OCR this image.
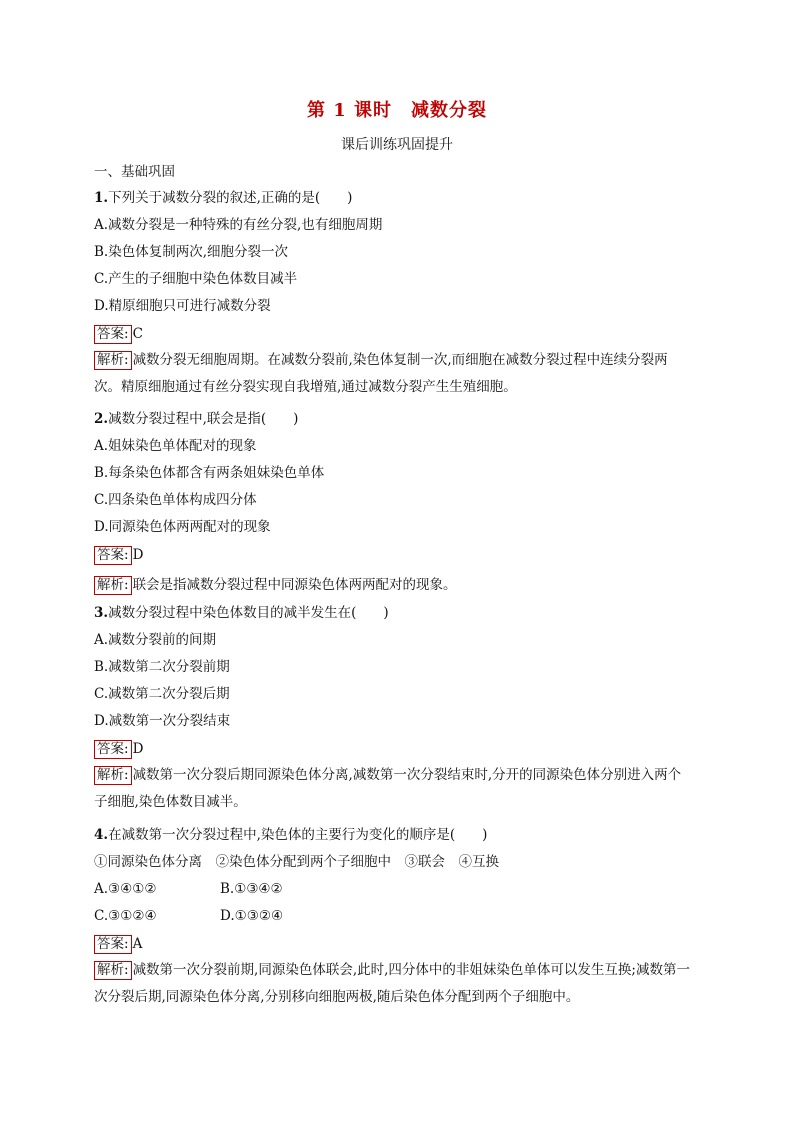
第 1 课时　减数分裂
课后训练巩固提升
一、基础巩固
1.下列关于减数分裂的叙述,正确的是(　　)
A.减数分裂是一种特殊的有丝分裂,也有细胞周期
B.染色体复制两次,细胞分裂一次
C.产生的子细胞中染色体数目减半
D.精原细胞只可进行减数分裂
答案: C
解析: 减数分裂无细胞周期。在减数分裂前,染色体复制一次,而细胞在减数分裂过程中连续分裂两次。精原细胞通过有丝分裂实现自我增殖,通过减数分裂产生生殖细胞。
2.减数分裂过程中,联会是指(　　)
A.姐妹染色单体配对的现象
B.每条染色体都含有两条姐妹染色单体
C.四条染色单体构成四分体
D.同源染色体两两配对的现象
答案: D
解析: 联会是指减数分裂过程中同源染色体两两配对的现象。
3.减数分裂过程中染色体数目的减半发生在(　　)
A.减数分裂前的间期
B.减数第二次分裂前期
C.减数第二次分裂后期
D.减数第一次分裂结束
答案: D
解析: 减数第一次分裂后期同源染色体分离,减数第一次分裂结束时,分开的同源染色体分别进入两个子细胞,染色体数目减半。
4.在减数第一次分裂过程中,染色体的主要行为变化的顺序是(　　)
①同源染色体分离　②染色体分配到两个子细胞中　③联会　④互换
A.③④①②	B.①③④②
C.③①②④	D.①③②④
答案: A
解析: 减数第一次分裂前期,同源染色体联会,此时,四分体中的非姐妹染色单体可以发生互换;减数第一次分裂后期,同源染色体分离,分别移向细胞两极,随后染色体分配到两个子细胞中。
